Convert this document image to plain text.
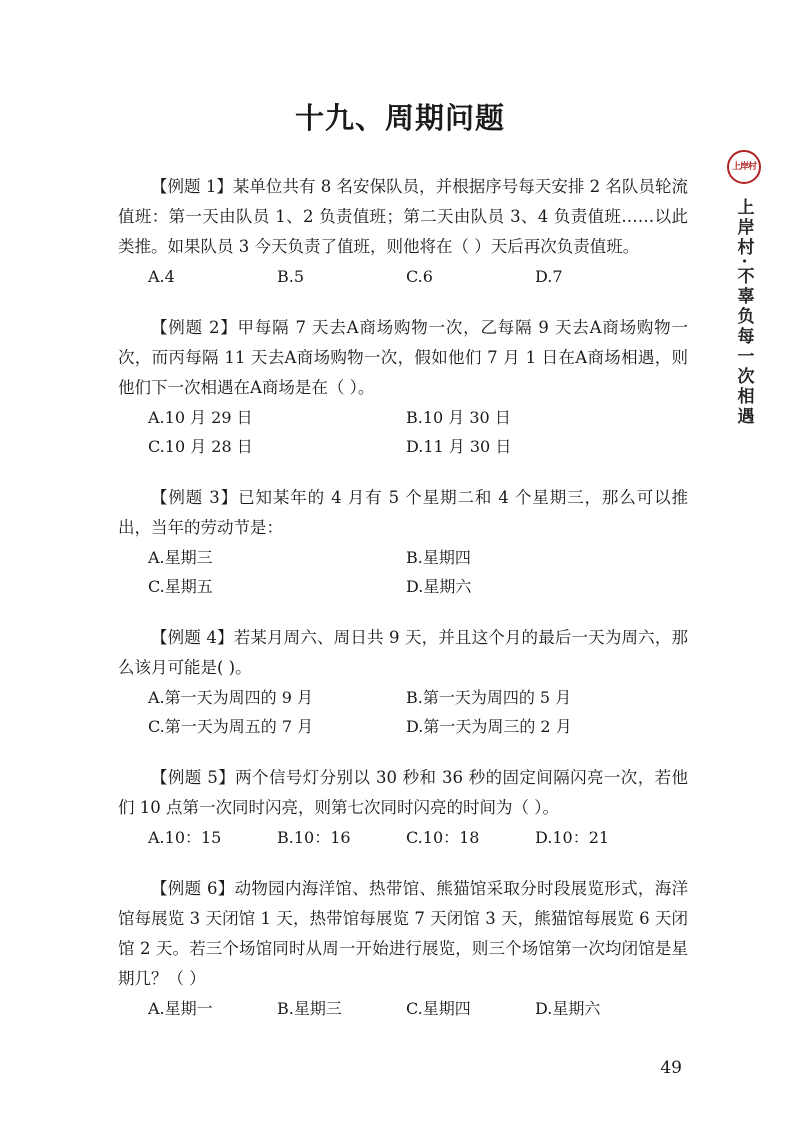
十九、周期问题
上岸村
上岸村·不辜负每一次相遇
【例题 1】某单位共有 8 名安保队员，并根据序号每天安排 2 名队员轮流值班：第一天由队员 1、2 负责值班；第二天由队员 3、4 负责值班……以此类推。如果队员 3 今天负责了值班，则他将在（ ）天后再次负责值班。
A.4	B.5	C.6	D.7
【例题 2】甲每隔 7 天去A商场购物一次，乙每隔 9 天去A商场购物一次，而丙每隔 11 天去A商场购物一次，假如他们 7 月 1 日在A商场相遇，则他们下一次相遇在A商场是在（ ）。
A.10 月 29 日	B.10 月 30 日
C.10 月 28 日	D.11 月 30 日
【例题 3】已知某年的 4 月有 5 个星期二和 4 个星期三，那么可以推出，当年的劳动节是：
A.星期三	B.星期四
C.星期五	D.星期六
【例题 4】若某月周六、周日共 9 天，并且这个月的最后一天为周六，那么该月可能是( )。
A.第一天为周四的 9 月	B.第一天为周四的 5 月
C.第一天为周五的 7 月	D.第一天为周三的 2 月
【例题 5】两个信号灯分别以 30 秒和 36 秒的固定间隔闪亮一次，若他们 10 点第一次同时闪亮，则第七次同时闪亮的时间为（ ）。
A.10：15	B.10：16	C.10：18	D.10：21
【例题 6】动物园内海洋馆、热带馆、熊猫馆采取分时段展览形式，海洋馆每展览 3 天闭馆 1 天，热带馆每展览 7 天闭馆 3 天，熊猫馆每展览 6 天闭馆 2 天。若三个场馆同时从周一开始进行展览，则三个场馆第一次均闭馆是星期几？（ ）
A.星期一	B.星期三	C.星期四	D.星期六
49
